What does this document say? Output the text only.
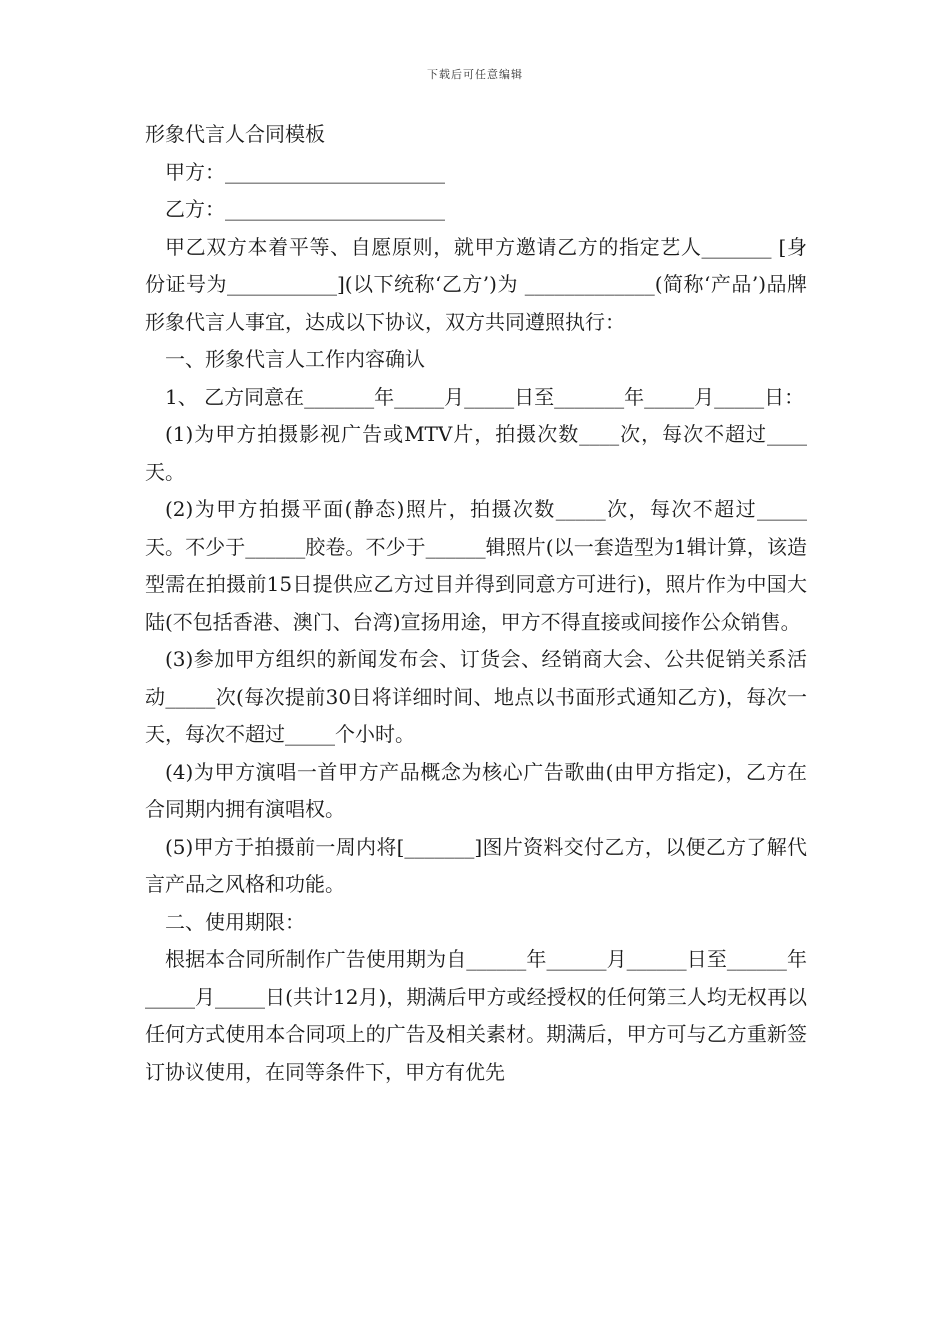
下载后可任意编辑

形象代言人合同模板

甲方：______________________

乙方：______________________

甲乙双方本着平等、自愿原则，就甲方邀请乙方的指定艺人_______ [身份证号为___________](以下统称‘乙方’)为 _____________(简称‘产品’)品牌形象代言人事宜，达成以下协议，双方共同遵照执行：

一、形象代言人工作内容确认

1、 乙方同意在_______年_____月_____日至_______年_____月_____日：

(1)为甲方拍摄影视广告或MTV片，拍摄次数____次，每次不超过____天。

(2)为甲方拍摄平面(静态)照片，拍摄次数_____次，每次不超过_____天。不少于______胶卷。不少于______辑照片(以一套造型为1辑计算，该造型需在拍摄前15日提供应乙方过目并得到同意方可进行)，照片作为中国大陆(不包括香港、澳门、台湾)宣扬用途，甲方不得直接或间接作公众销售。

(3)参加甲方组织的新闻发布会、订货会、经销商大会、公共促销关系活动_____次(每次提前30日将详细时间、地点以书面形式通知乙方)，每次一天，每次不超过_____个小时。

(4)为甲方演唱一首甲方产品概念为核心广告歌曲(由甲方指定)，乙方在合同期内拥有演唱权。

(5)甲方于拍摄前一周内将[_______]图片资料交付乙方，以便乙方了解代言产品之风格和功能。

二、使用期限：

根据本合同所制作广告使用期为自______年______月______日至______年_____月_____日(共计12月)，期满后甲方或经授权的任何第三人均无权再以任何方式使用本合同项上的广告及相关素材。期满后，甲方可与乙方重新签订协议使用，在同等条件下，甲方有优先
